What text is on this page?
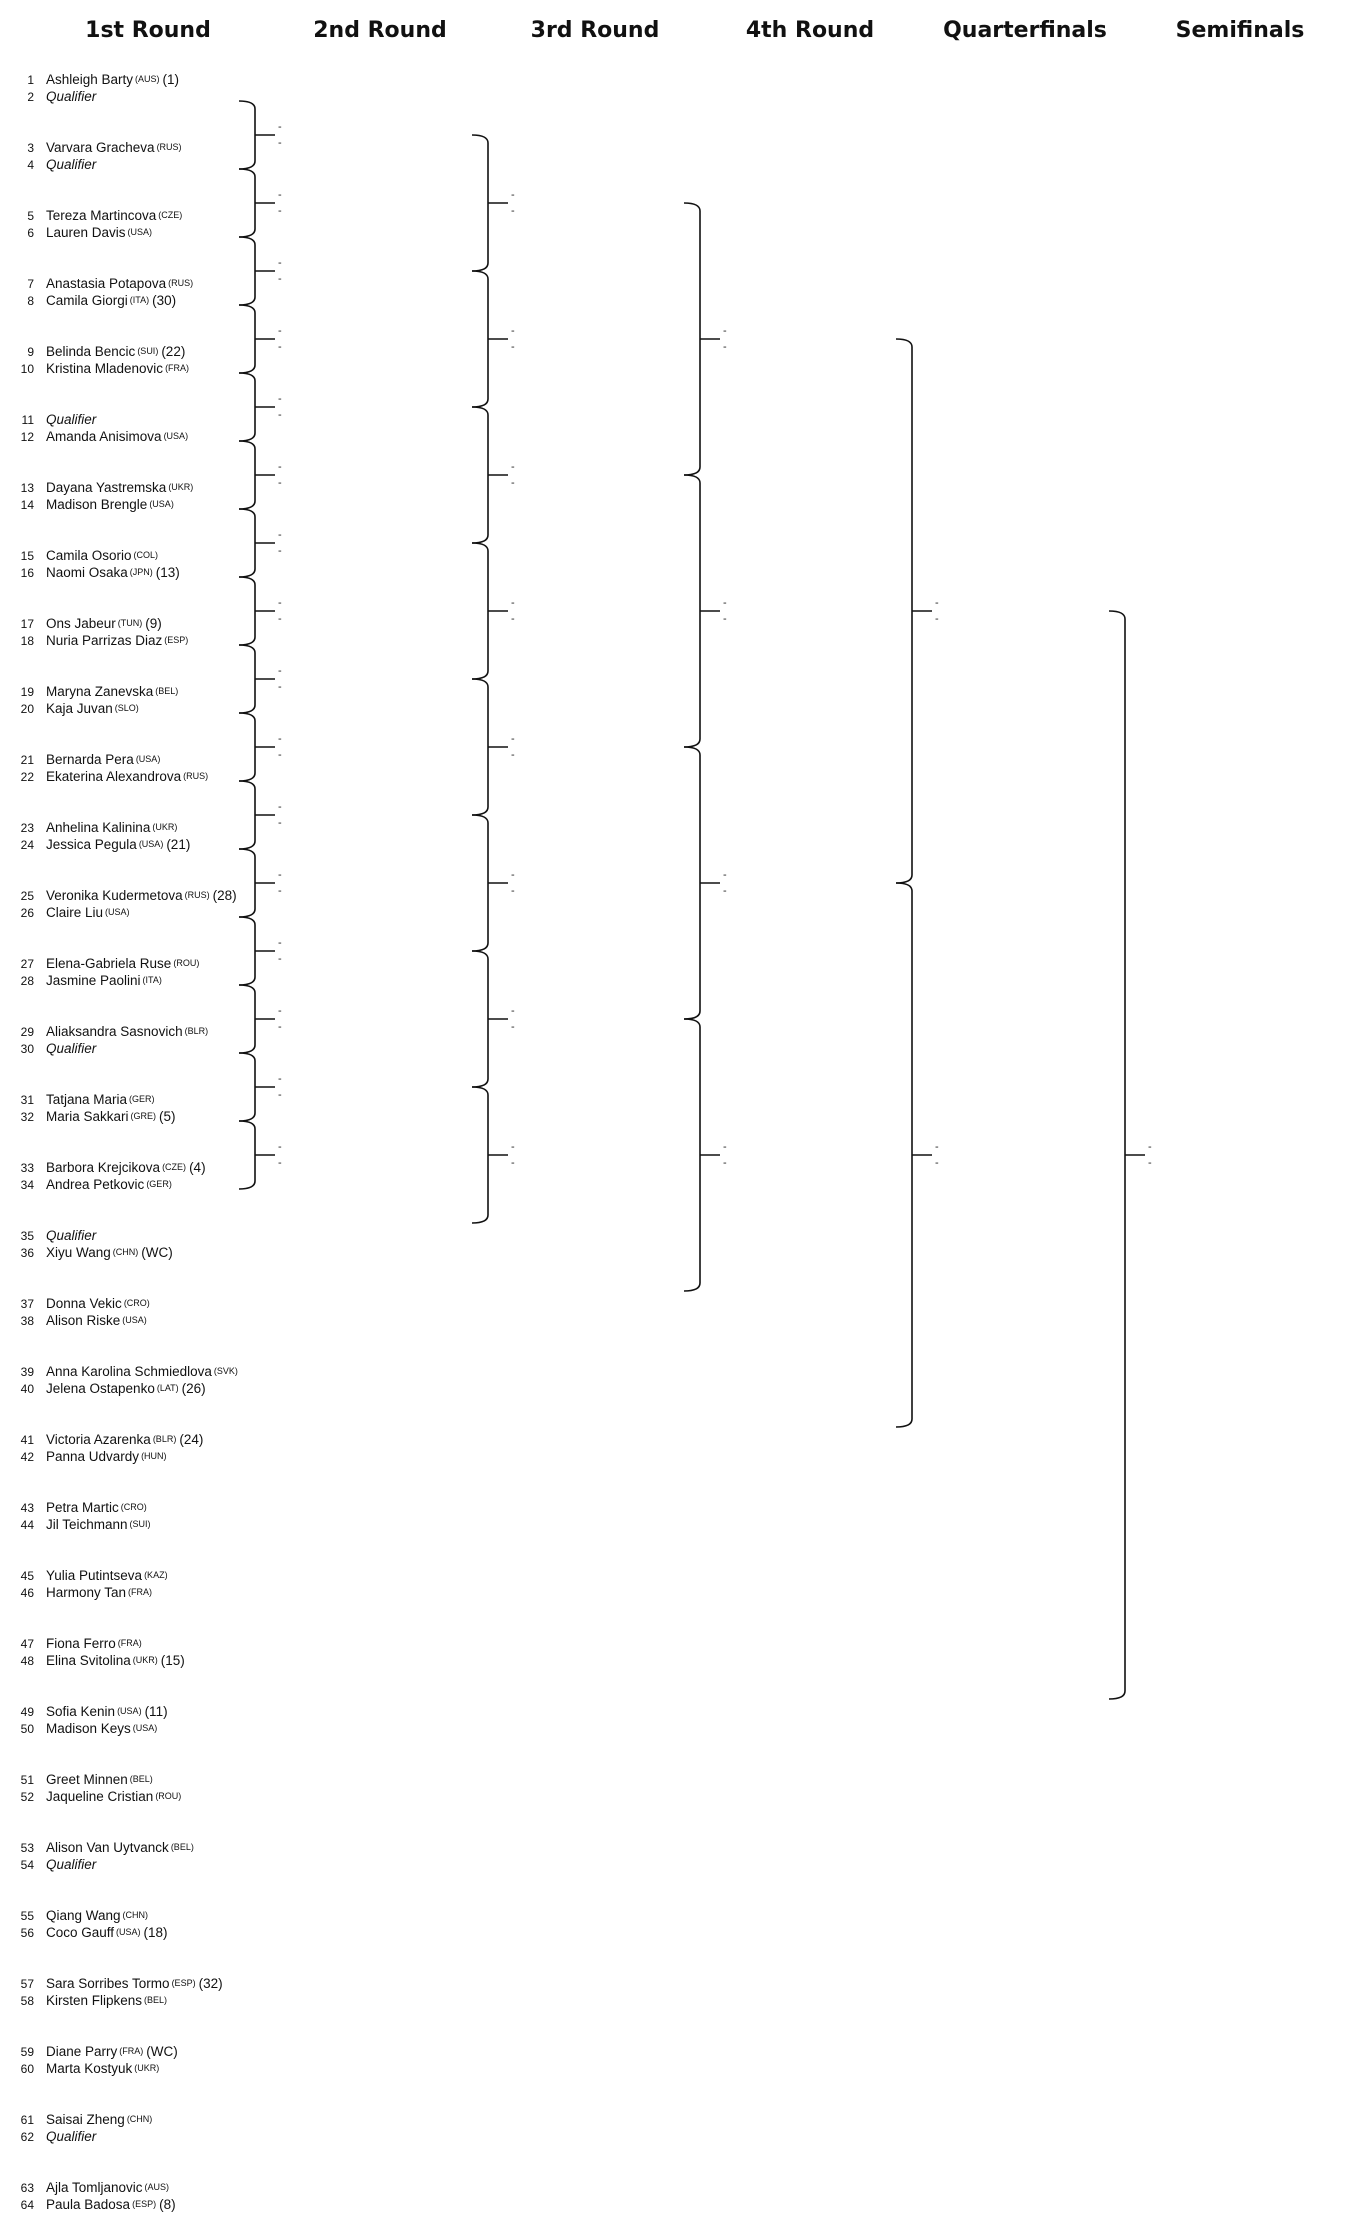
1st Round	2nd Round	3rd Round	4th Round	Quarterfinals	Semifinals
1 Ashleigh Barty $^{(AUS)}$ (1)
2 Qualifier
3 Varvara Gracheva $^{(RUS)}$
4 Qualifier
5 Tereza Martincova $^{(CZE)}$
6 Lauren Davis $^{(USA)}$
7 Anastasia Potapova $^{(RUS)}$
8 Camila Giorgi $^{(ITA)}$ (30)
9 Belinda Bencic $^{(SUI)}$ (22)
10 Kristina Mladenovic $^{(FRA)}$
11 Qualifier
12 Amanda Anisimova $^{(USA)}$
13 Dayana Yastremska $^{(UKR)}$
14 Madison Brengle $^{(USA)}$
15 Camila Osorio $^{(COL)}$
16 Naomi Osaka $^{(JPN)}$ (13)
17 Ons Jabeur $^{(TUN)}$ (9)
18 Nuria Parrizas Diaz $^{(ESP)}$
19 Maryna Zanevska $^{(BEL)}$
20 Kaja Juvan $^{(SLO)}$
21 Bernarda Pera $^{(USA)}$
22 Ekaterina Alexandrova $^{(RUS)}$
23 Anhelina Kalinina $^{(UKR)}$
24 Jessica Pegula $^{(USA)}$ (21)
25 Veronika Kudermetova $^{(RUS)}$ (28)
26 Claire Liu $^{(USA)}$
27 Elena-Gabriela Ruse $^{(ROU)}$
28 Jasmine Paolini $^{(ITA)}$
29 Aliaksandra Sasnovich $^{(BLR)}$
30 Qualifier
31 Tatjana Maria $^{(GER)}$
32 Maria Sakkari $^{(GRE)}$ (5)
33 Barbora Krejcikova $^{(CZE)}$ (4)
34 Andrea Petkovic $^{(GER)}$
35 Qualifier
36 Xiyu Wang $^{(CHN)}$ (WC)
37 Donna Vekic $^{(CRO)}$
38 Alison Riske $^{(USA)}$
39 Anna Karolina Schmiedlova $^{(SVK)}$
40 Jelena Ostapenko $^{(LAT)}$ (26)
41 Victoria Azarenka $^{(BLR)}$ (24)
42 Panna Udvardy $^{(HUN)}$
43 Petra Martic $^{(CRO)}$
44 Jil Teichmann $^{(SUI)}$
45 Yulia Putintseva $^{(KAZ)}$
46 Harmony Tan $^{(FRA)}$
47 Fiona Ferro $^{(FRA)}$
48 Elina Svitolina $^{(UKR)}$ (15)
49 Sofia Kenin $^{(USA)}$ (11)
50 Madison Keys $^{(USA)}$
51 Greet Minnen $^{(BEL)}$
52 Jaqueline Cristian $^{(ROU)}$
53 Alison Van Uytvanck $^{(BEL)}$
54 Qualifier
55 Qiang Wang $^{(CHN)}$
56 Coco Gauff $^{(USA)}$ (18)
57 Sara Sorribes Tormo $^{(ESP)}$ (32)
58 Kirsten Flipkens $^{(BEL)}$
59 Diane Parry $^{(FRA)}$ (WC)
60 Marta Kostyuk $^{(UKR)}$
61 Saisai Zheng $^{(CHN)}$
62 Qualifier
63 Ajla Tomljanovic $^{(AUS)}$
64 Paula Badosa $^{(ESP)}$ (8)
-
-
-
-
-
-
-
-
-
-
-
-
-
-
-
-
-
-
-
-
-
-
-
-
-
-
-
-
-
-
-
-
-
-
-
-
-
-
-
-
-
-
-
-
-
-
-
-
-
-
-
-
-
-
-
-
-
-
-
-
-
-
